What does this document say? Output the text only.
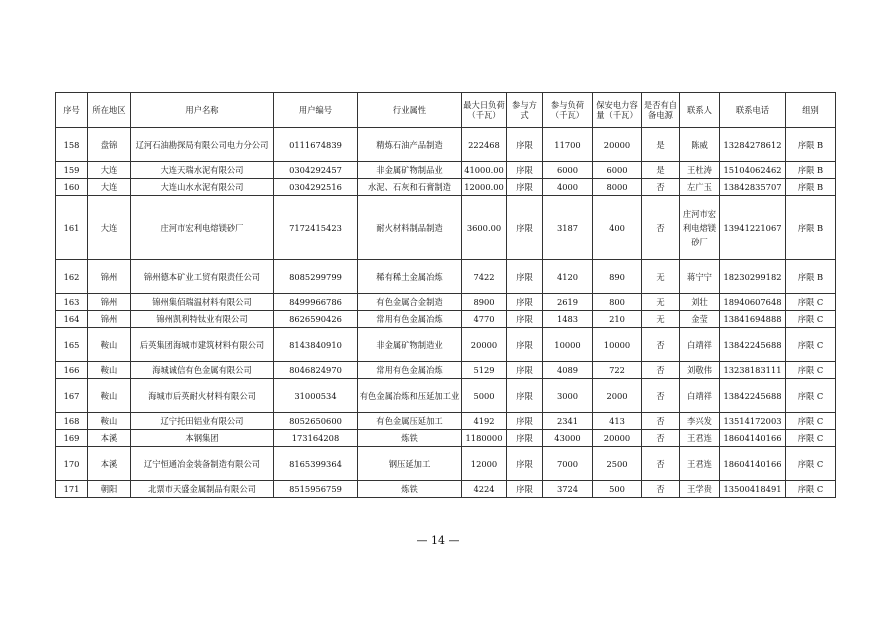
序号	所在地区	用户名称	用户编号	行业属性	最大日负荷（千瓦）	参与方式	参与负荷（千瓦）	保安电力容量（千瓦）	是否有自备电源	联系人	联系电话	组别
158	盘锦	辽河石油勘探局有限公司电力分公司	0111674839	精炼石油产品制造	222468	序限	11700	20000	是	陈威	13284278612	序限 B
159	大连	大连天瑞水泥有限公司	0304292457	非金属矿物制品业	41000.00	序限	6000	6000	是	王杜涛	15104062462	序限 B
160	大连	大连山水水泥有限公司	0304292516	水泥、石灰和石膏制造	12000.00	序限	4000	8000	否	左广玉	13842835707	序限 B
161	大连	庄河市宏利电熔镁砂厂	7172415423	耐火材料制品制造	3600.00	序限	3187	400	否	庄河市宏利电熔镁砂厂	13941221067	序限 B
162	锦州	锦州德本矿业工贸有限责任公司	8085299799	稀有稀土金属冶炼	7422	序限	4120	890	无	蒋宁宁	18230299182	序限 B
163	锦州	锦州集佰瑞温材料有限公司	8499966786	有色金属合金制造	8900	序限	2619	800	无	刘壮	18940607648	序限 C
164	锦州	锦州凯利特钛业有限公司	8626590426	常用有色金属冶炼	4770	序限	1483	210	无	金莹	13841694888	序限 C
165	鞍山	后英集团海城市建筑材料有限公司	8143840910	非金属矿物制造业	20000	序限	10000	10000	否	白靖祥	13842245688	序限 C
166	鞍山	海城诚信有色金属有限公司	8046824970	常用有色金属冶炼	5129	序限	4089	722	否	刘敬伟	13238183111	序限 C
167	鞍山	海城市后英耐火材料有限公司	31000534	有色金属冶炼和压延加工业	5000	序限	3000	2000	否	白靖祥	13842245688	序限 C
168	鞍山	辽宁托田铝业有限公司	8052650600	有色金属压延加工	4192	序限	2341	413	否	李兴发	13514172003	序限 C
169	本溪	本钢集团	173164208	炼铁	1180000	序限	43000	20000	否	王君连	18604140166	序限 C
170	本溪	辽宁恒通冶金装备制造有限公司	8165399364	钢压延加工	12000	序限	7000	2500	否	王君连	18604140166	序限 C
171	朝阳	北票市天盛金属制品有限公司	8515956759	炼铁	4224	序限	3724	500	否	王学贵	13500418491	序限 C
— 14 —
